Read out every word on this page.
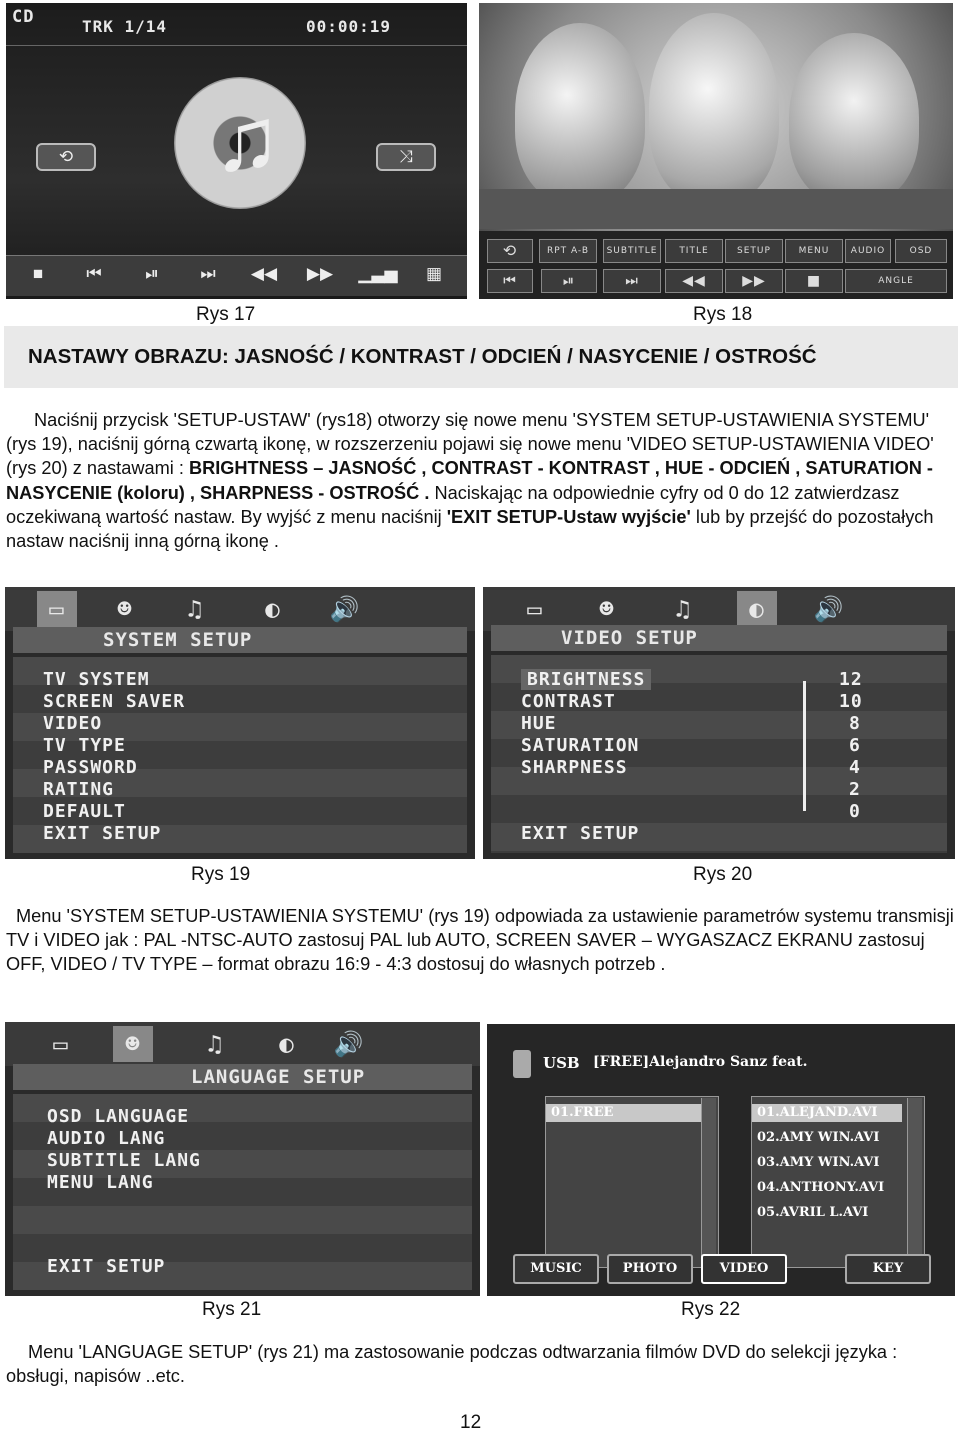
CD	TRK 1/14	00:00:19
♫
⟲	⤨
■	⏮	⏯	⏭	◀◀	▶▶	▁▃▅	▦
Rys 17
⟲	RPT A-B	SUBTITLE	TITLE	SETUP	MENU	AUDIO	OSD
⏮	⏯	⏭	◀◀	▶▶	■	ANGLE
Rys 18
NASTAWY OBRAZU: JASNOŚĆ / KONTRAST / ODCIEŃ / NASYCENIE / OSTROŚĆ
Naciśnij przycisk 'SETUP-USTAW' (rys18) otworzy się nowe menu 'SYSTEM SETUP-USTAWIENIA SYSTEMU' (rys 19), naciśnij górną czwartą ikonę, w rozszerzeniu pojawi się nowe menu 'VIDEO SETUP-USTAWIENIA VIDEO' (rys 20) z nastawami : BRIGHTNESS – JASNOŚĆ , CONTRAST - KONTRAST , HUE - ODCIEŃ , SATURATION - NASYCENIE (koloru) , SHARPNESS - OSTROŚĆ . Naciskając na odpowiednie cyfry od 0 do 12 zatwierdzasz oczekiwaną wartość nastaw. By wyjść z menu naciśnij 'EXIT SETUP-Ustaw wyjście' lub by przejść do pozostałych nastaw naciśnij inną górną ikonę .
▭	☻	♫	◐	🔊
SYSTEM SETUP
TV SYSTEM
SCREEN SAVER
VIDEO
TV TYPE
PASSWORD
RATING
DEFAULT
EXIT SETUP
Rys 19
▭	☻	♫	◐	🔊
VIDEO SETUP
BRIGHTNESS
CONTRAST
HUE
SATURATION
SHARPNESS
EXIT SETUP
12
10
8
6
4
2
0
Rys 20
Menu 'SYSTEM SETUP-USTAWIENIA SYSTEMU' (rys 19) odpowiada za ustawienie parametrów systemu transmisji TV i VIDEO jak : PAL -NTSC-AUTO zastosuj PAL lub AUTO, SCREEN SAVER – WYGASZACZ EKRANU zastosuj OFF, VIDEO / TV TYPE – format obrazu 16:9 - 4:3 dostosuj do własnych potrzeb .
▭	☻	♫	◐	🔊
LANGUAGE SETUP
OSD LANGUAGE
AUDIO LANG
SUBTITLE LANG
MENU LANG
EXIT SETUP
Rys 21
USB [FREE]Alejandro Sanz feat.
01.FREE	01.ALEJAND.AVI
02.AMY WIN.AVI
03.AMY WIN.AVI
04.ANTHONY.AVI
05.AVRIL L.AVI
MUSIC	PHOTO	VIDEO	KEY
Rys 22
Menu 'LANGUAGE SETUP' (rys 21) ma zastosowanie podczas odtwarzania filmów DVD do selekcji języka : obsługi, napisów ..etc.
12
